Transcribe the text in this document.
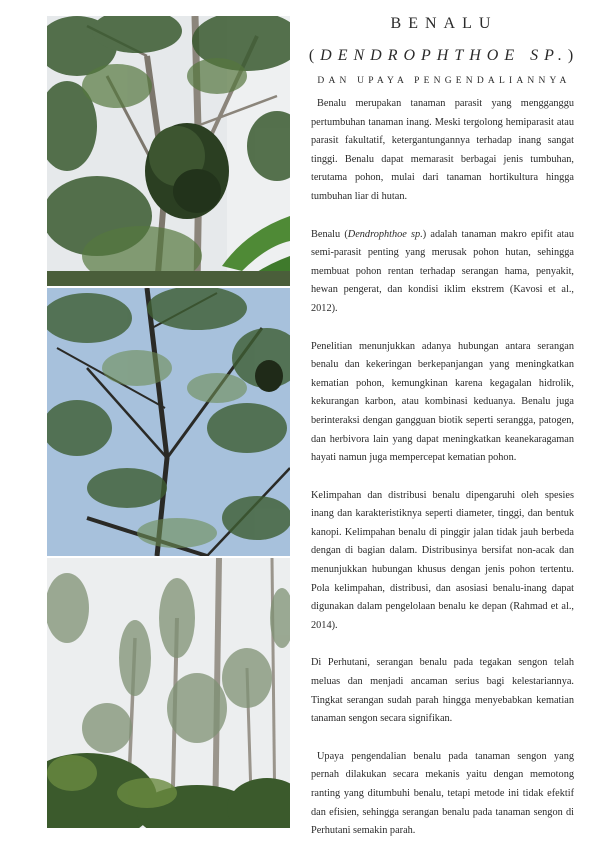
BENALU

(DENDROPHTHOE SP.)

DAN UPAYA PENGENDALIANNYA

Benalu merupakan tanaman parasit yang mengganggu pertumbuhan tanaman inang. Meski tergolong hemiparasit atau parasit fakultatif, ketergantungannya terhadap inang sangat tinggi. Benalu dapat memarasit berbagai jenis tumbuhan, terutama pohon, mulai dari tanaman hortikultura hingga tumbuhan liar di hutan.

Benalu (Dendrophthoe sp.) adalah tanaman makro epifit atau semi-parasit penting yang merusak pohon hutan, sehingga membuat pohon rentan terhadap serangan hama, penyakit, hewan pengerat, dan kondisi iklim ekstrem (Kavosi et al., 2012).

Penelitian menunjukkan adanya hubungan antara serangan benalu dan kekeringan berkepanjangan yang meningkatkan kematian pohon, kemungkinan karena kegagalan hidrolik, kekurangan karbon, atau kombinasi keduanya. Benalu juga berinteraksi dengan gangguan biotik seperti serangga, patogen, dan herbivora lain yang dapat meningkatkan keanekaragaman hayati namun juga mempercepat kematian pohon.

Kelimpahan dan distribusi benalu dipengaruhi oleh spesies inang dan karakteristiknya seperti diameter, tinggi, dan bentuk kanopi. Kelimpahan benalu di pinggir jalan tidak jauh berbeda dengan di bagian dalam. Distribusinya bersifat non-acak dan menunjukkan hubungan khusus dengan jenis pohon tertentu. Pola kelimpahan, distribusi, dan asosiasi benalu-inang dapat digunakan dalam pengelolaan benalu ke depan (Rahmad et al., 2014).

Di Perhutani, serangan benalu pada tegakan sengon telah meluas dan menjadi ancaman serius bagi kelestariannya. Tingkat serangan sudah parah hingga menyebabkan kematian tanaman sengon secara signifikan.

Upaya pengendalian benalu pada tanaman sengon yang pernah dilakukan secara mekanis yaitu dengan memotong ranting yang ditumbuhi benalu, tetapi metode ini tidak efektif dan efisien, sehingga serangan benalu pada tanaman sengon di Perhutani semakin parah.
